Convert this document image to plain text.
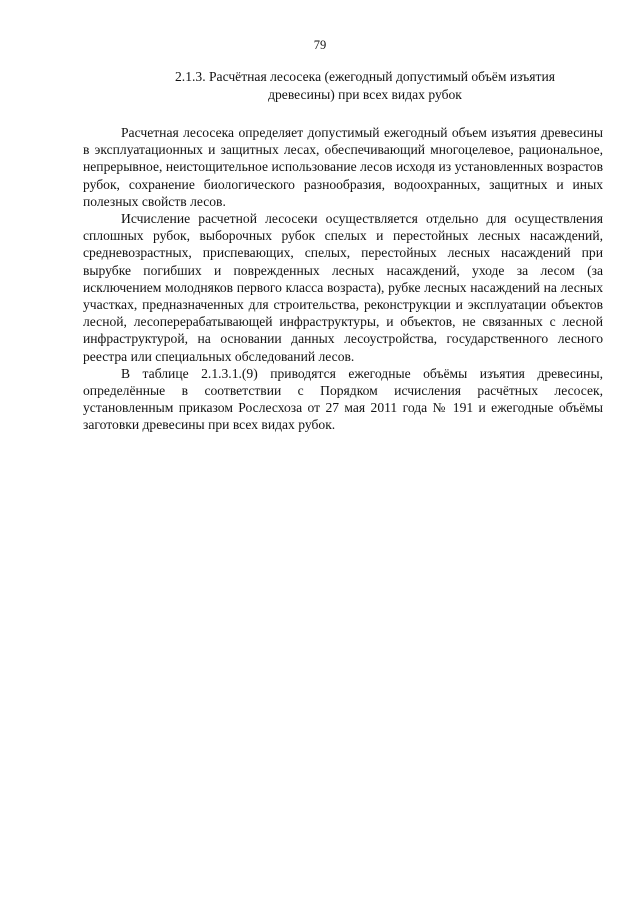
79
2.1.3. Расчётная лесосека (ежегодный допустимый объём изъятия древесины) при всех видах рубок

Расчетная лесосека определяет допустимый ежегодный объем изъятия древесины в эксплуатационных и защитных лесах, обеспечивающий многоцелевое, рациональное, непрерывное, неистощительное использование лесов исходя из установленных возрастов рубок, сохранение биологического разнообразия, водоохранных, защитных и иных полезных свойств лесов.

Исчисление расчетной лесосеки осуществляется отдельно для осуществления сплошных рубок, выборочных рубок спелых и перестойных лесных насаждений, средневозрастных, приспевающих, спелых, перестойных лесных насаждений при вырубке погибших и поврежденных лесных насаждений, уходе за лесом (за исключением молодняков первого класса возраста), рубке лесных насаждений на лесных участках, предназначенных для строительства, реконструкции и эксплуатации объектов лесной, лесоперерабатывающей инфраструктуры, и объектов, не связанных с лесной инфраструктурой, на основании данных лесоустройства, государственного лесного реестра или специальных обследований лесов.

В таблице 2.1.3.1.(9) приводятся ежегодные объёмы изъятия древесины, определённые в соответствии с Порядком исчисления расчётных лесосек, установленным приказом Рослесхоза от 27 мая 2011 года № 191 и ежегодные объёмы заготовки древесины при всех видах рубок.
